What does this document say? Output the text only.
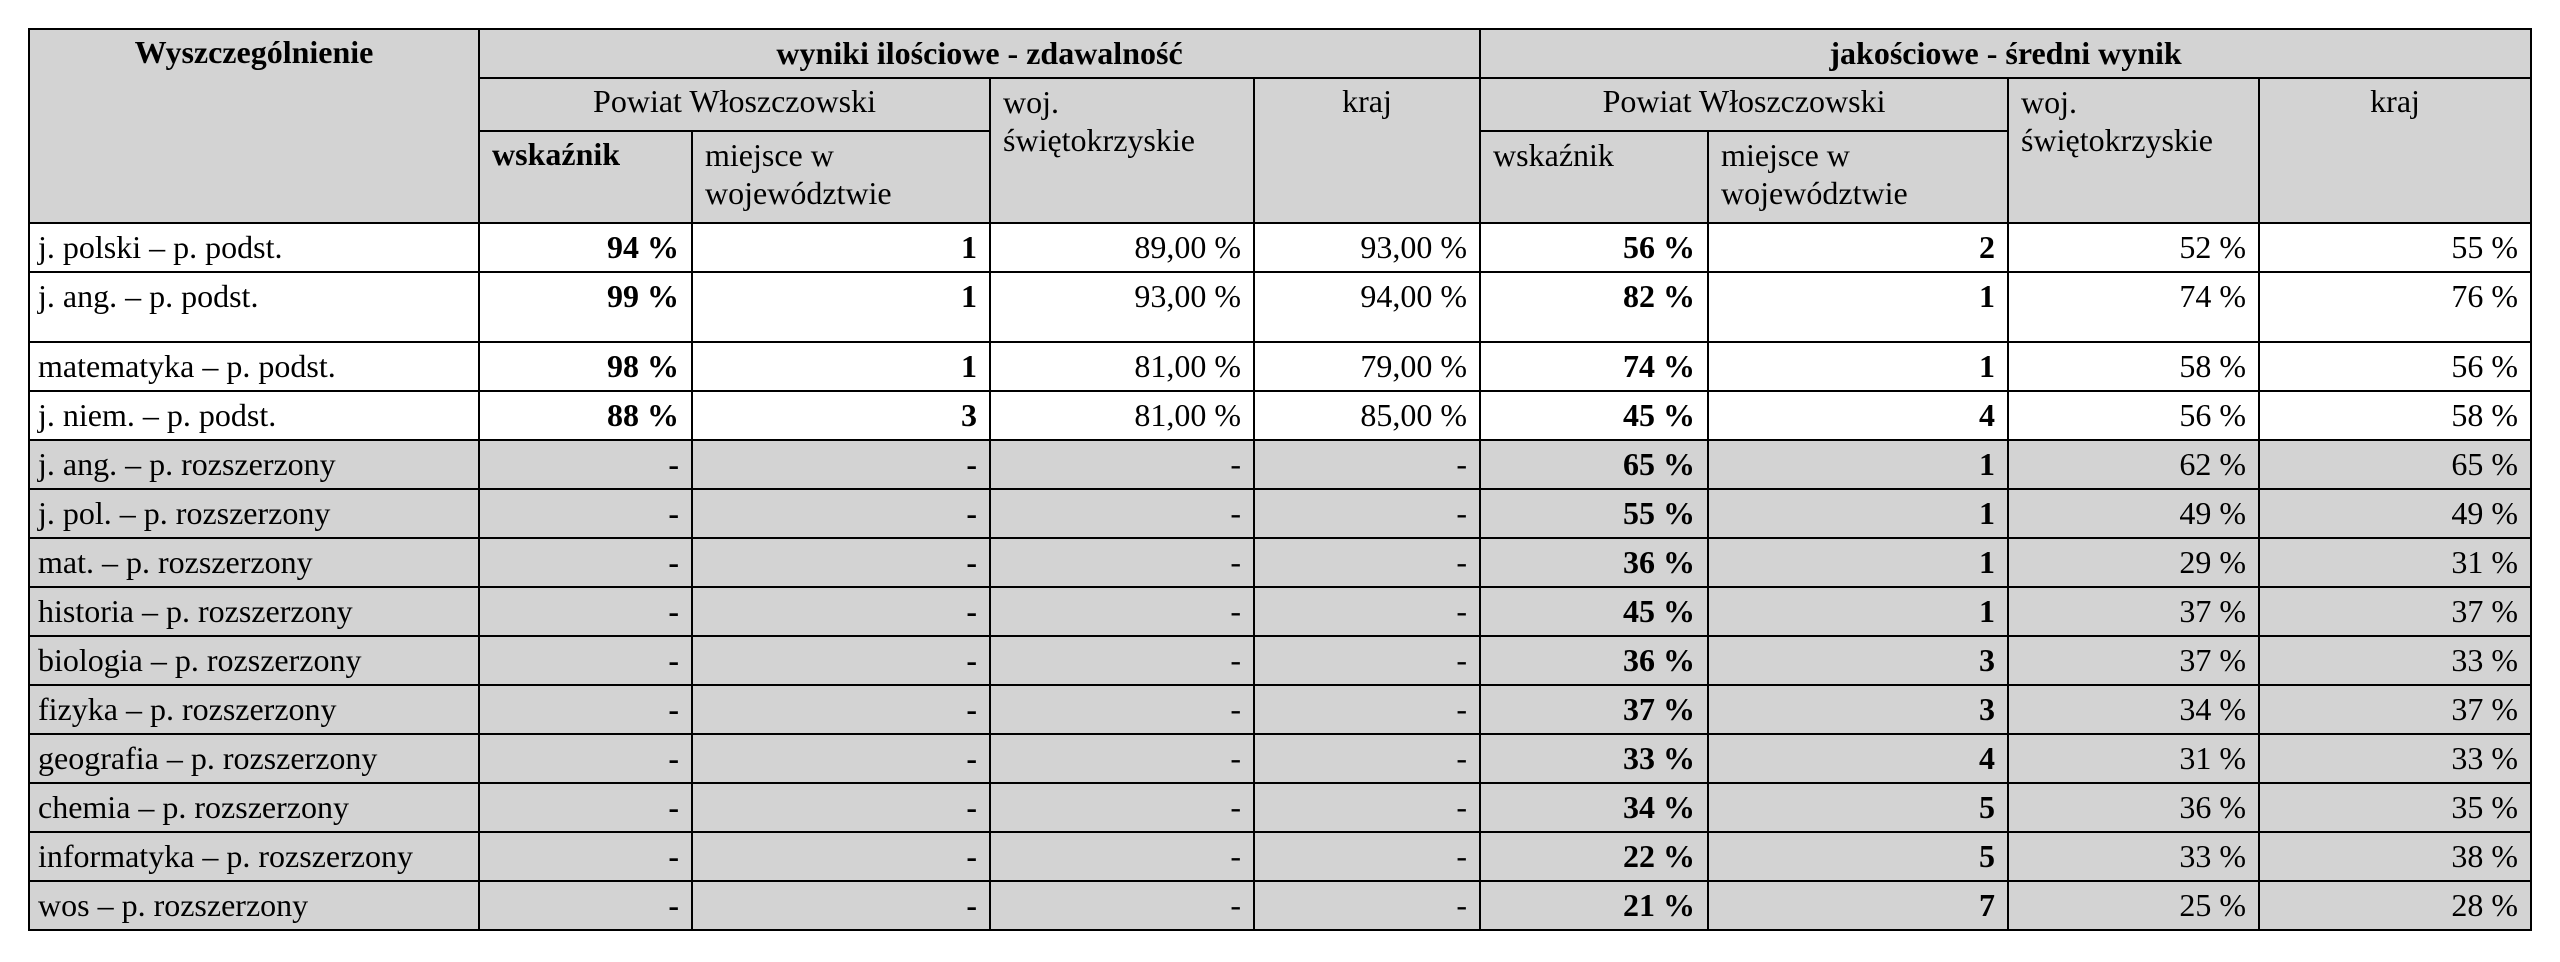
Wyszczególnienie	wyniki ilościowe - zdawalność				jakościowe - średni wynik			
	Powiat Włoszczowski		woj. świętokrzyskie	kraj	Powiat Włoszczowski		woj. świętokrzyskie	kraj
	wskaźnik	miejsce w województwie			wskaźnik	miejsce w województwie		
j. polski – p. podst.	94 %	1	89,00 %	93,00 %	56 %	2	52 %	55 %
j. ang. – p. podst.	99 %	1	93,00 %	94,00 %	82 %	1	74 %	76 %
matematyka – p. podst.	98 %	1	81,00 %	79,00 %	74 %	1	58 %	56 %
j. niem. – p. podst.	88 %	3	81,00 %	85,00 %	45 %	4	56 %	58 %
j. ang. – p. rozszerzony	-	-	-	-	65 %	1	62 %	65 %
j. pol. – p. rozszerzony	-	-	-	-	55 %	1	49 %	49 %
mat. – p. rozszerzony	-	-	-	-	36 %	1	29 %	31 %
historia – p. rozszerzony	-	-	-	-	45 %	1	37 %	37 %
biologia – p. rozszerzony	-	-	-	-	36 %	3	37 %	33 %
fizyka – p. rozszerzony	-	-	-	-	37 %	3	34 %	37 %
geografia – p. rozszerzony	-	-	-	-	33 %	4	31 %	33 %
chemia – p. rozszerzony	-	-	-	-	34 %	5	36 %	35 %
informatyka – p. rozszerzony	-	-	-	-	22 %	5	33 %	38 %
wos – p. rozszerzony	-	-	-	-	21 %	7	25 %	28 %
